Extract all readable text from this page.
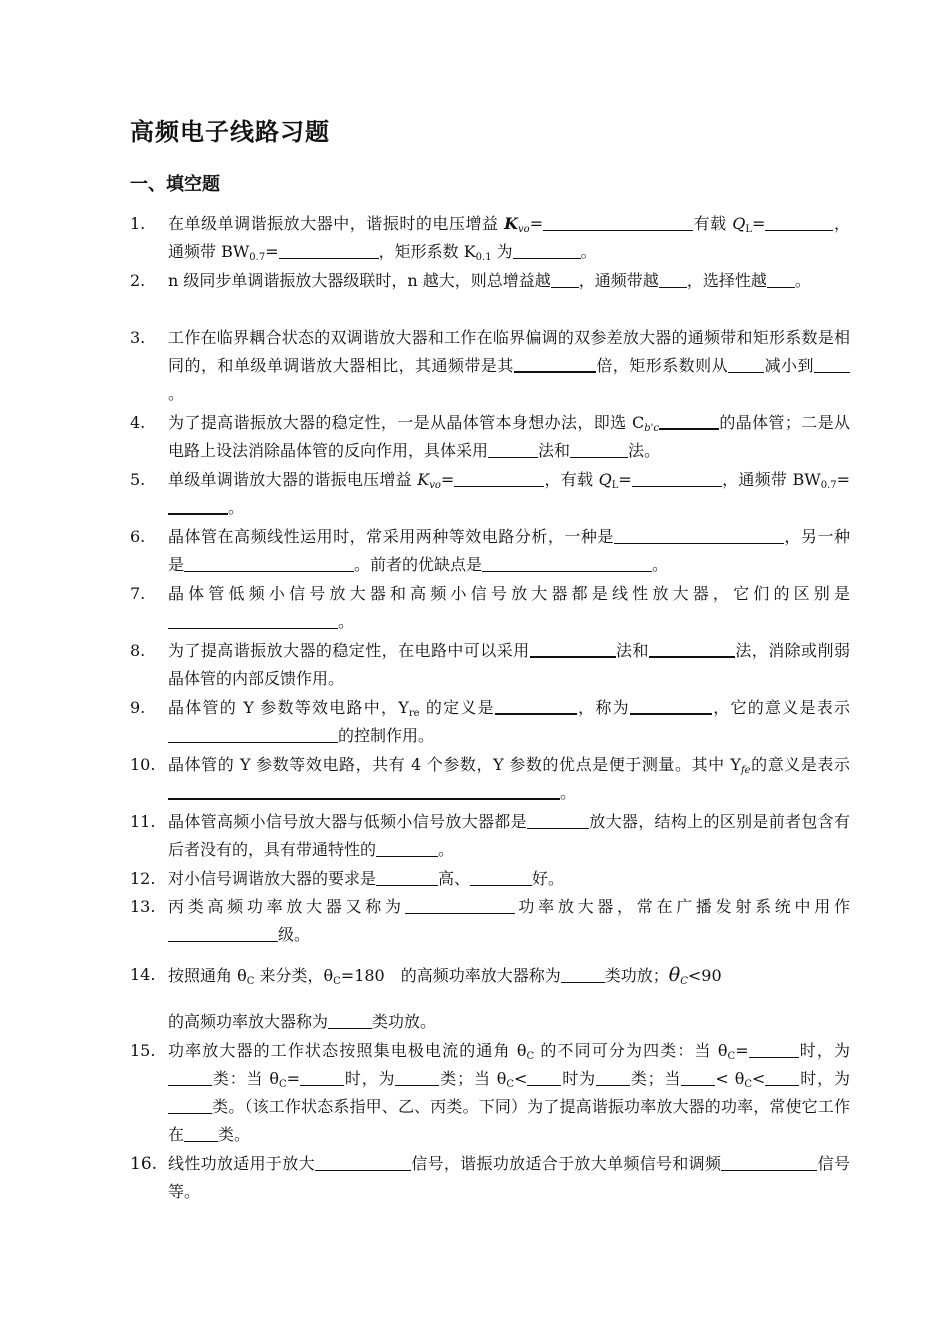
高频电子线路习题
一、填空题
1. 在单级单调谐振放大器中，谐振时的电压增益 $K_{vo}=$	有载 $Q_L=$	，通频带 $BW_{0.7}=$	，矩形系数 $K_{0.1}$ 为	。
2. n 级同步单调谐振放大器级联时，n 越大，则总增益越 ，通频带越 ，选择性越 。
3. 工作在临界耦合状态的双调谐放大器和工作在临界偏调的双参差放大器的通频带和矩形系数是相同的，和单级单调谐放大器相比，其通频带是其	倍，矩形系数则从 减小到。
4. 为了提高谐振放大器的稳定性，一是从晶体管本身想办法，即选 $C_{b'c}$	的晶体管；二是从电路上设法消除晶体管的反向作用，具体采用	法和	法。
5. 单级单调谐放大器的谐振电压增益 $K_{vo}=$	，有载 $Q_L=$	，通频带 $BW_{0.7}=$。
6. 晶体管在高频线性运用时，常采用两种等效电路分析，一种是	，另一种是	。前者的优缺点是	。
7. 晶体管低频小信号放大器和高频小信号放大器都是线性放大器，它们的区别是。
8. 为了提高谐振放大器的稳定性，在电路中可以采用	法和	法，消除或削弱晶体管的内部反馈作用。
9. 晶体管的 Y 参数等效电路中，$Y_{re}$ 的定义是	，称为	，它的意义是表示的控制作用。
10. 晶体管的 Y 参数等效电路，共有 4 个参数，Y 参数的优点是便于测量。其中 $Y_{fe}$的意义是表示。
11. 晶体管高频小信号放大器与低频小信号放大器都是	放大器，结构上的区别是前者包含有后者没有的，具有带通特性的	。
12. 对小信号调谐放大器的要求是	高、	好。
13. 丙类高频功率放大器又称为	功率放大器，常在广播发射系统中用作级。
14. 按照通角 $\theta_C$ 来分类，$\theta_C=180$　的高频功率放大器称为	类功放；$\theta_C<90$
的高频功率放大器称为	类功放。
15. 功率放大器的工作状态按照集电极电流的通角 $\theta_C$ 的不同可分为四类：当 $\theta_C=$	时，为类：当 $\theta_C=$	时，为	类；当 $\theta_C<$ 时为 类；当 < $\theta_C<$ 时，为类。（该工作状态系指甲、乙、丙类。下同）为了提高谐振功率放大器的功率，常使它工作在 类。
16. 线性功放适用于放大	信号，谐振功放适合于放大单频信号和调频	信号等。
